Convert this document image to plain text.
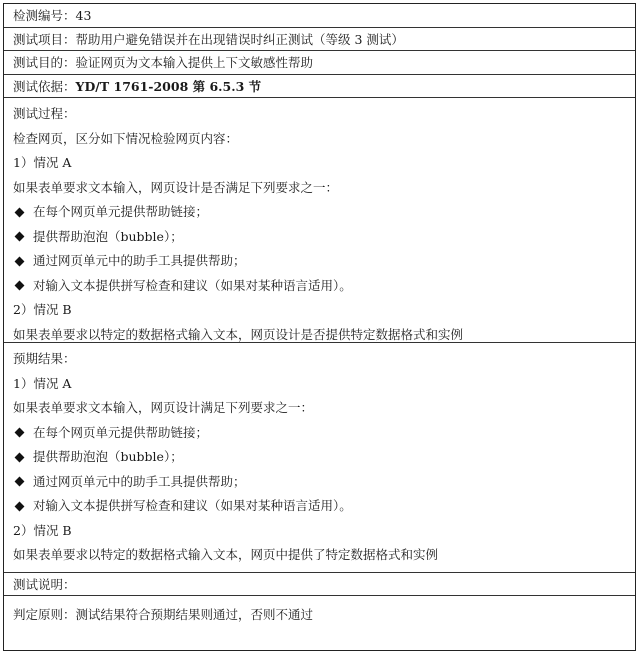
检测编号：43
测试项目：帮助用户避免错误并在出现错误时纠正测试（等级 3 测试）
测试目的：验证网页为文本输入提供上下文敏感性帮助
测试依据： YD/T 1761-2008 第 6.5.3 节
测试过程：
检查网页，区分如下情况检验网页内容：
1）情况 A
如果表单要求文本输入，网页设计是否满足下列要求之一：
在每个网页单元提供帮助链接；
提供帮助泡泡（bubble）；
通过网页单元中的助手工具提供帮助；
对输入文本提供拼写检查和建议（如果对某种语言适用）。
2）情况 B
如果表单要求以特定的数据格式输入文本，网页设计是否提供特定数据格式和实例
预期结果：
1）情况 A
如果表单要求文本输入，网页设计满足下列要求之一：
在每个网页单元提供帮助链接；
提供帮助泡泡（bubble）；
通过网页单元中的助手工具提供帮助；
对输入文本提供拼写检查和建议（如果对某种语言适用）。
2）情况 B
如果表单要求以特定的数据格式输入文本，网页中提供了特定数据格式和实例
测试说明：
判定原则：测试结果符合预期结果则通过，否则不通过
